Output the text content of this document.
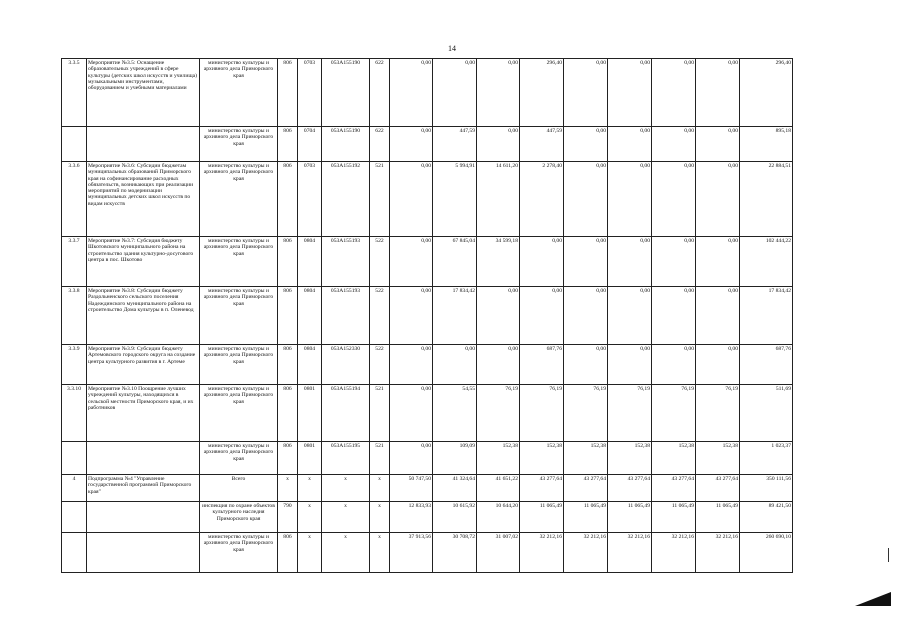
14
3.3.5	Мероприятие №3.5: Оснащение образовательных учреждений в сфере культуры (детских школ искусств и училища) музыкальными инструментами, оборудованием и учебными материалами	министерство культуры и архивного дела Приморского края	806	0703	053А155190	622	0,00	0,00	0,00	296,40	0,00	0,00	0,00	0,00	296,40
		министерство культуры и архивного дела Приморского края	806	0704	053А155190	622	0,00	447,59	0,00	447,59	0,00	0,00	0,00	0,00	895,18
3.3.6	Мероприятие №3.6: Субсидии бюджетам муниципальных образований Приморского края на софинансирование расходных обязательств, возникающих при реализации мероприятий по модернизации муниципальных детских школ искусств по видам искусств	министерство культуры и архивного дела Приморского края	806	0703	053А155192	521	0,00	5 994,91	14 611,20	2 278,40	0,00	0,00	0,00	0,00	22 884,51
3.3.7	Мероприятие №3.7: Субсидия бюджету Шкотовского муниципального района на строительство здания культурно-досугового центра в пос. Шкотово	министерство культуры и архивного дела Приморского края	806	0804	053А155193	522	0,00	67 845,04	34 599,18	0,00	0,00	0,00	0,00	0,00	102 444,22
3.3.8	Мероприятие №3.8: Субсидии бюджету Раздольненского сельского поселения Надеждинского муниципального района на строительство Дома культуры в п. Оленевод	министерство культуры и архивного дела Приморского края	806	0804	053А155193	522	0,00	17 834,42	0,00	0,00	0,00	0,00	0,00	0,00	17 834,42
3.3.9	Мероприятие №3.9: Субсидии бюджету Артемовского городского округа на создание центра культурного развития в г. Артеме	министерство культуры и архивного дела Приморского края	806	0804	053А152330	522	0,00	0,00	0,00	687,76	0,00	0,00	0,00	0,00	687,76
3.3.10	Мероприятие №3.10 Поощрение лучших учреждений культуры, находящихся в сельской местности Приморского края, и их работников	министерство культуры и архивного дела Приморского края	806	0801	053А155194	521	0,00	54,55	76,19	76,19	76,19	76,19	76,19	76,19	511,69
		министерство культуры и архивного дела Приморского края	806	0801	053А155195	521	0,00	109,09	152,38	152,38	152,38	152,38	152,38	152,38	1 023,37
4	Подпрограмма №4 "Управление государственной программой Приморского края"	Всего	х	х	х	х	50 747,50	41 324,64	41 651,22	43 277,64	43 277,64	43 277,64	43 277,64	43 277,64	350 111,56
		инспекция по охране объектов культурного наследия Приморского края	790	х	х	х	12 833,93	10 615,92	10 644,20	11 065,49	11 065,49	11 065,49	11 065,49	11 065,49	89 421,50
		министерство культуры и архивного дела Приморского края	806	х	х	х	37 913,56	30 708,72	31 007,02	32 212,16	32 212,16	32 212,16	32 212,16	32 212,16	260 690,10
